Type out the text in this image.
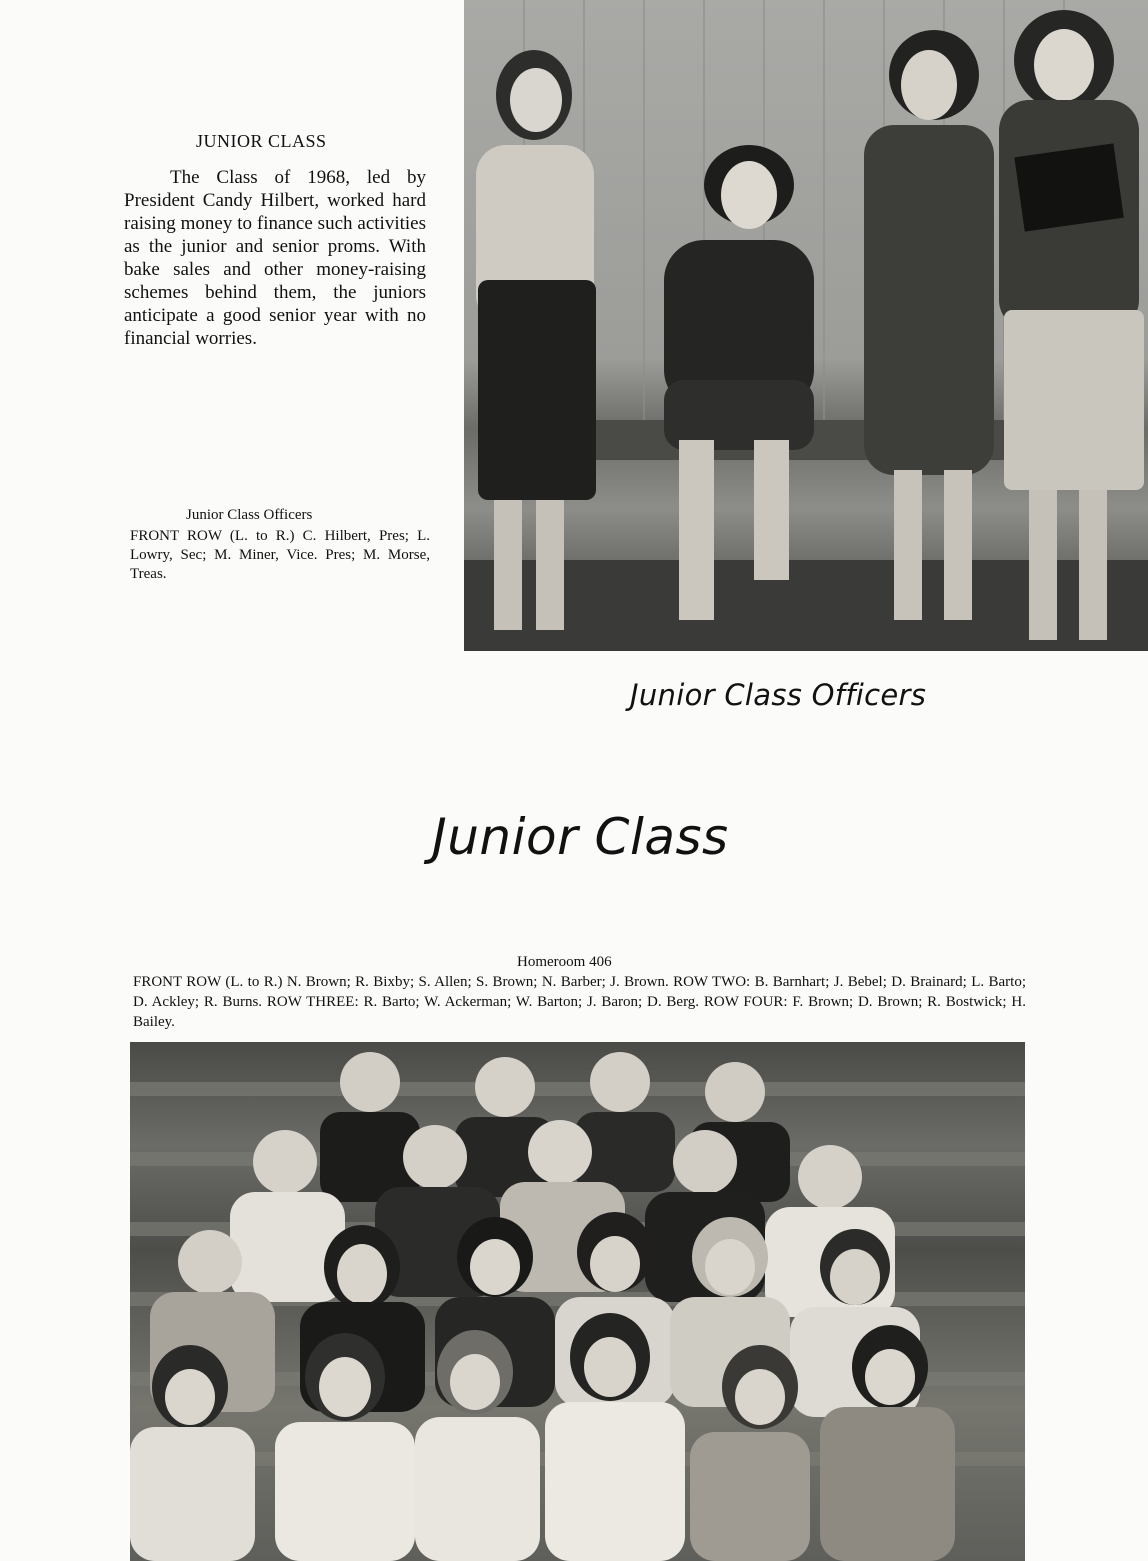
JUNIOR CLASS

The Class of 1968, led by President Candy Hilbert, worked hard raising money to finance such activities as the junior and senior proms. With bake sales and other money-raising schemes behind them, the juniors anticipate a good senior year with no financial worries.

Junior Class Officers

FRONT ROW (L. to R.) C. Hilbert, Pres; L. Lowry, Sec; M. Miner, Vice. Pres; M. Morse, Treas.

Junior Class Officers
Junior Class
Homeroom 406

FRONT ROW (L. to R.) N. Brown; R. Bixby; S. Allen; S. Brown; N. Barber; J. Brown. ROW TWO: B. Barnhart; J. Bebel; D. Brainard; L. Barto; D. Ackley; R. Burns. ROW THREE: R. Barto; W. Ackerman; W. Barton; J. Baron; D. Berg. ROW FOUR: F. Brown; D. Brown; R. Bostwick; H. Bailey.
